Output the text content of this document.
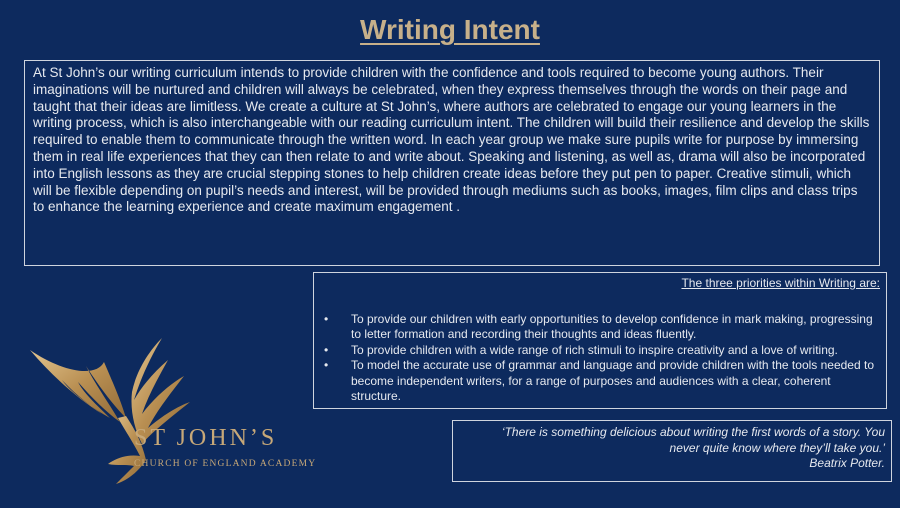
Writing Intent
At St John’s our writing curriculum intends to provide children with the confidence and tools required to become young authors. Their imaginations will be nurtured and children will always be celebrated, when they express themselves through the words on their page and taught that their ideas are limitless. We create a culture at St John’s, where authors are celebrated to engage our young learners in the writing process, which is also interchangeable with our reading curriculum intent. The children will build their resilience and develop the skills required to enable them to communicate through the written word. In each year group we make sure pupils write for purpose by immersing them in real life experiences that they can then relate to and write about. Speaking and listening, as well as, drama will also be incorporated into English lessons as they are crucial stepping stones to help children create ideas before they put pen to paper. Creative stimuli, which will be flexible depending on pupil’s needs and interest, will be provided through mediums such as books, images, film clips and class trips to enhance the learning experience and create maximum engagement .
The three priorities within Writing are:
• To provide our children with early opportunities to develop confidence in mark making, progressing to letter formation and recording their thoughts and ideas fluently.
• To provide children with a wide range of rich stimuli to inspire creativity and a love of writing.
• To model the accurate use of grammar and language and provide children with the tools needed to become independent writers, for a range of purposes and audiences with a clear, coherent structure.
‘There is something delicious about writing the first words of a story. You
never quite know where they’ll take you.’
Beatrix Potter.
ST JOHN’S
CHURCH OF ENGLAND ACADEMY
